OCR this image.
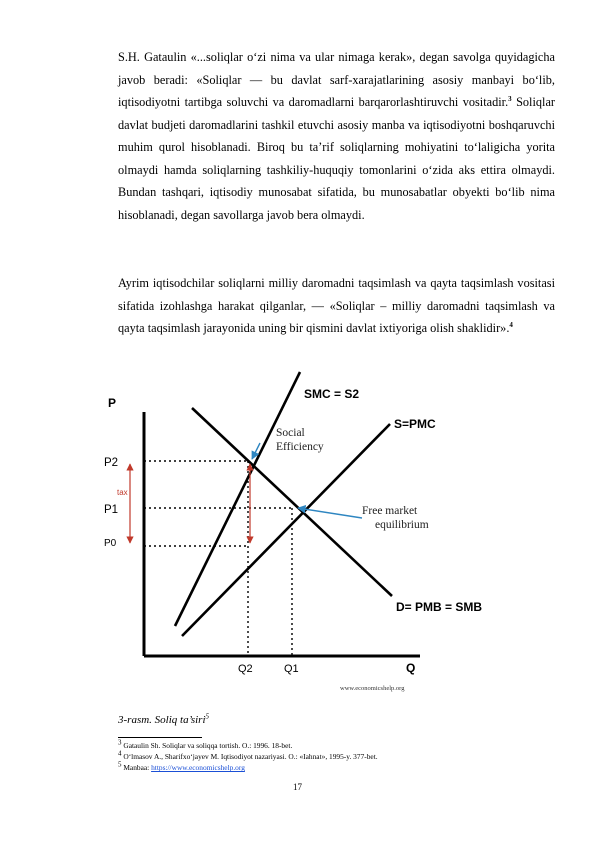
S.H. Gataulin «...soliqlar o‘zi nima va ular nimaga kerak», degan savolga quyidagicha javob beradi: «Soliqlar — bu davlat sarf-xarajatlarining asosiy manbayi bo‘lib, iqtisodiyotni tartibga soluvchi va daromadlarni barqarorlashtiruvchi vositadir.$^3$ Soliqlar davlat budjeti daromadlarini tashkil etuvchi asosiy manba va iqtisodiyotni boshqaruvchi muhim qurol hisoblanadi. Biroq bu ta’rif soliqlarning mohiyatini to‘laligicha yorita olmaydi hamda soliqlarning tashkiliy-huquqiy tomonlarini o‘zida aks ettira olmaydi. Bundan tashqari, iqtisodiy munosabat sifatida, bu munosabatlar obyekti bo‘lib nima hisoblanadi, degan savollarga javob bera olmaydi.

Ayrim iqtisodchilar soliqlarni milliy daromadni taqsimlash va qayta taqsimlash vositasi sifatida izohlashga harakat qilganlar, — «Soliqlar – milliy daromadni taqsimlash va qayta taqsimlash jarayonida uning bir qismini davlat ixtiyoriga olish shaklidir».$^4$

P
Q
P2
P1
P0
tax
Q2	Q1
SMC = S2
S=PMC
D= PMB = SMB
Social Efficiency
Free market equilibrium
www.economicshelp.org
3-rasm. Soliq ta’siri$^5$
$^3$ Gataulin Sh. Soliqlar va soliqqa tortish. O.: 1996. 18-bet.
$^4$ O‘lmasov A., Sharifxo‘jayev M. Iqtisodiyot nazariyasi. O.: «Iahnat», 1995-y. 377-bet.
$^5$ Manbaa: https://www.economicshelp.org
17
